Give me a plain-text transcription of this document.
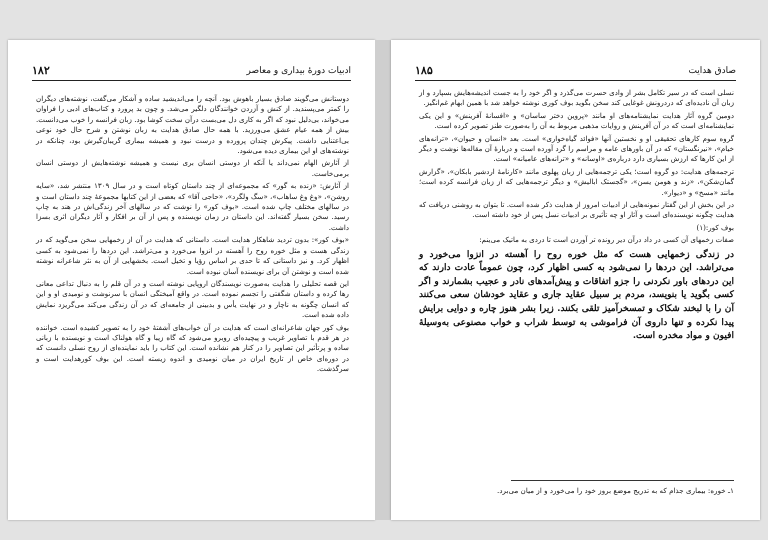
۱۸۲	ادبیات دورهٔ بیداری و معاصر

دوستانش می‌گویند صادق بسیار باهوش بود. آنچه را می‌اندیشید ساده و آشکار می‌گفت، نوشته‌های دیگران را کمتر می‌پسندید. از کنش و آزردن خوانندگان دلگیر می‌شد. و چون بد پرورد و کتاب‌های ادبی را فراوان می‌خواند، بی‌دلیل نبود که اگر به کاری دل می‌بست درآن سخت کوشا بود. زبان فرانسه را خوب می‌دانست. بیش از همه عیام عشق می‌ورزید. با همه حال صادق هدایت به زبان نوشتن و شرح حال خود نوعی بی‌اعتنایی داشت. پیکرش چندان پرورده و درست نبود و همیشه بیماری گریبان‌گیرش بود، چنانکه در نوشته‌های او این بیماری دیده می‌شود.

از آثارش الهام نمی‌داند یا آنکه از دوستی انسان بری نیست و همیشه نوشته‌هایش از دوستی انسان برمی‌خاست.

از آثارش: «زنده به گور» که مجموعه‌ای از چند داستان کوتاه است و در سال ۱۳۰۹ منتشر شد، «سایه روشن»، «وغ وغ ساهاب»، «سگ ولگرد»، «حاجی آقا» که بعضی از این کتابها مجموعهٔ چند داستان است و در سالهای مختلف چاپ شده است. «بوف کور» را نوشت که در سالهای آخر زندگی‌اش در هند به چاپ رسید. سخن بسیار گفته‌اند. این داستان در زمان نویسنده و پس از آن بر افکار و آثار دیگران اثری بسزا داشت.

«بوف کور»: بدون تردید شاهکار هدایت است. داستانی که هدایت در آن از زخمهایی سخن می‌گوید که در زندگی هست و مثل خوره روح را آهسته در انزوا می‌خورد و می‌تراشد. این دردها را نمی‌شود به کسی اظهار کرد. و نیز داستانی که تا حدی بر اساس رؤیا و تخیل است. بخشهایی از آن به نثر شاعرانه نوشته شده است و نوشتن آن برای نویسنده آسان نبوده است.

این قصه تحلیلی را هدایت به‌صورت نویسندگان اروپایی نوشته است و در آن قلم را به دنبال تداعی معانی رها کرده و داستان شگفتی را تجسم نموده است. در واقع آمیختگی انسان با سرنوشت و نومیدی او و این که انسان چگونه به ناچار و در نهایت یأس و بدبینی از جامعه‌ای که در آن زندگی می‌کند می‌گریزد نمایش داده شده است.

بوف کور جهان شاعرانه‌ای است که هدایت در آن خواب‌های آشفتهٔ خود را به تصویر کشیده است. خواننده در هر قدم با تصاویر غریب و پیچیده‌ای روبرو می‌شود که گاه زیبا و گاه هولناک است و نویسنده با زبانی ساده و پرتأثیر این تصاویر را در کنار هم نشانده است. این کتاب را باید نماینده‌ای از روح نسلی دانست که در دوره‌ای خاص از تاریخ ایران در میان نومیدی و اندوه زیسته است. این بوف کورهدایت است و سرگذشت.

۱۸۵	صادق هدایت

نسلی است که در سیر تکامل بشر از وادی حسرت می‌گذرد و اگر خود را به جست اندیشه‌هایش بسپارد و از زبان آن نادیده‌ای که دردرونش غوغایی کند سخن بگوید بوف کوری نوشته خواهد شد با همین ابهام غم‌انگیز.

دومین گروه آثار هدایت نمایشنامه‌های او مانند «پروین دختر ساسان» و «افسانهٔ آفرینش» و این یکی نمایشنامه‌ای است که در آن آفرینش و روایات مذهبی مربوط به آن را به‌صورت طنز تصویر کرده است.

گروه سوم کارهای تحقیقی او و نخستین آنها «فوائد گیاه‌خواری» است. بعد «انسان و حیوان»، «ترانه‌های خیام»، «نیرنگستان» که در آن باورهای عامه و مراسم را گرد آورده است و دربارهٔ آن مقاله‌ها نوشت و دیگر از این کارها که ارزش بسیاری دارد درباره‌ی «اوسانه» و «ترانه‌های عامیانه» است.

ترجمه‌های هدایت: دو گروه است؛ یکی ترجمه‌هایی از زبان پهلوی مانند «کارنامهٔ اردشیر بابکان»، «گزارش گمان‌شکن»، «زند و هومن یسن»، «گجستک اباليش» و دیگر ترجمه‌هایی که از زبان فرانسه کرده است؛ مانند «مسخ» و «دیوار».

در این بخش از این گفتار نمونه‌هایی از ادبیات امروز از هدایت ذکر شده است. تا بتوان به روشنی دریافت که هدایت چگونه نویسنده‌ای است و آثار او چه تأثیری بر ادبیات نسل پس از خود داشته است.

بوف کور:(۱)

صفات زخمهای آن کسی در داد درآن دیر رونده تر آوردن است تا دردی به ماتیک می‌ینم:

در زندگی زخمهایی هست که مثل خوره روح را آهسته در انزوا می‌خورد و می‌تراشد. این دردها را نمی‌شود به کسی اظهار کرد، چون عموماً عادت دارند که این دردهای باور نکردنی را جزو اتفاقات و پیش‌آمدهای نادر و عجیب بشمارند و اگر کسی بگوید یا بنویسد، مردم بر سبیل عقاید جاری و عقاید خودشان سعی می‌کنند آن را با لبخند شکاک و تمسخرآمیز تلقی بکنند. زیرا بشر هنوز چاره و دوایی برایش پیدا نکرده و تنها داروی آن فراموشی به توسط شراب و خواب مصنوعی به‌وسیلهٔ افیون و مواد مخدره است.

۱ـ خوره: بیماری جذام که به تدریج موضع بروز خود را می‌خورد و از میان می‌برد.
